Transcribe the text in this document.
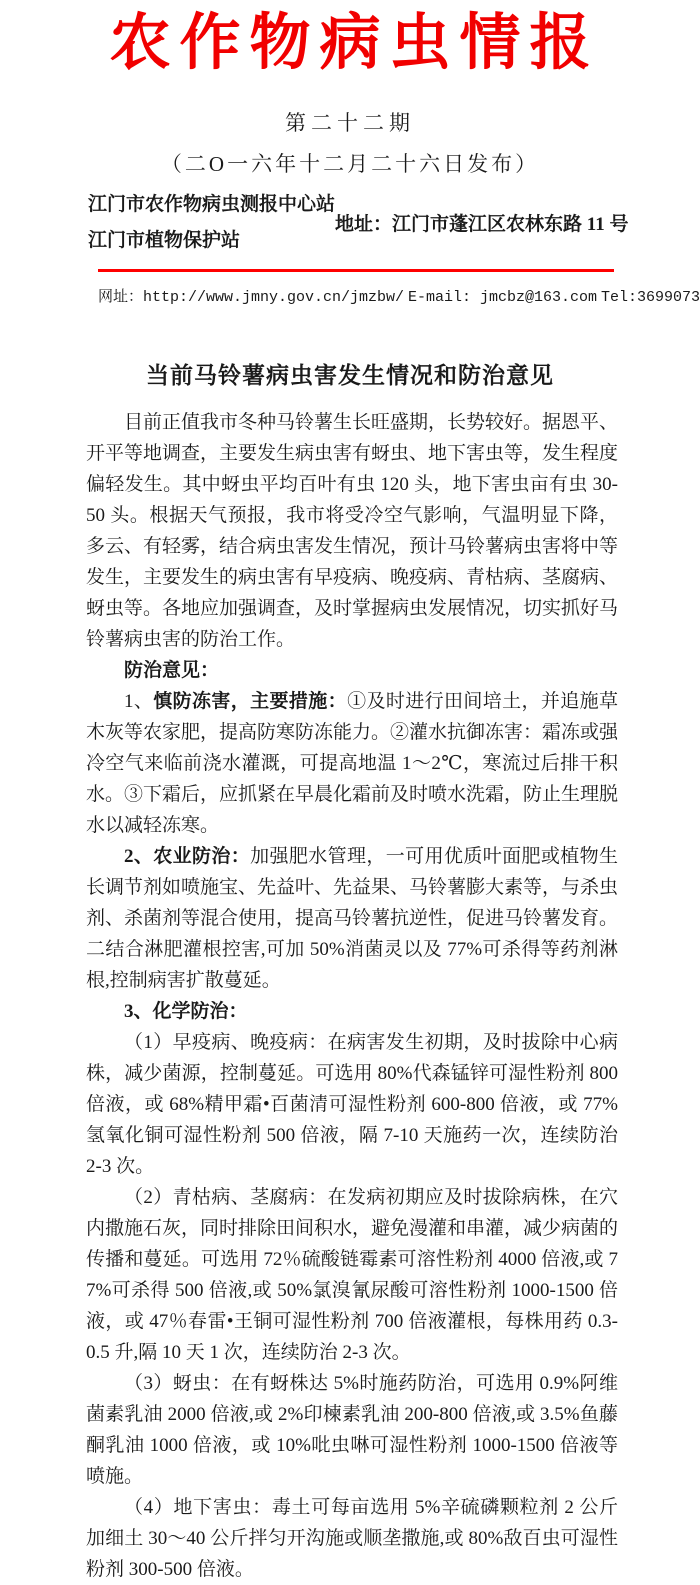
农作物病虫情报
第二十二期
（二O一六年十二月二十六日发布）
江门市农作物病虫测报中心站
江门市植物保护站
地址：江门市蓬江区农林东路 11 号
网址：http://www.jmny.gov.cn/jmzbw/ E-mail: jmcbz@163.com Tel:3699073
当前马铃薯病虫害发生情况和防治意见

目前正值我市冬种马铃薯生长旺盛期，长势较好。据恩平、开平等地调查，主要发生病虫害有蚜虫、地下害虫等，发生程度偏轻发生。其中蚜虫平均百叶有虫 120 头，地下害虫亩有虫 30-50 头。根据天气预报，我市将受冷空气影响，气温明显下降，多云、有轻雾，结合病虫害发生情况，预计马铃薯病虫害将中等发生，主要发生的病虫害有早疫病、晚疫病、青枯病、茎腐病、蚜虫等。各地应加强调查，及时掌握病虫发展情况，切实抓好马铃薯病虫害的防治工作。

防治意见：

1、慎防冻害，主要措施：①及时进行田间培土，并追施草木灰等农家肥，提高防寒防冻能力。②灌水抗御冻害：霜冻或强冷空气来临前浇水灌溉，可提高地温 1～2℃，寒流过后排干积水。③下霜后，应抓紧在早晨化霜前及时喷水洗霜，防止生理脱水以减轻冻寒。

2、农业防治：加强肥水管理，一可用优质叶面肥或植物生长调节剂如喷施宝、先益叶、先益果、马铃薯膨大素等，与杀虫剂、杀菌剂等混合使用，提高马铃薯抗逆性，促进马铃薯发育。二结合淋肥灌根控害,可加 50%消菌灵以及 77%可杀得等药剂淋根,控制病害扩散蔓延。

3、化学防治：

（1）早疫病、晚疫病：在病害发生初期，及时拔除中心病株，减少菌源，控制蔓延。可选用 80%代森锰锌可湿性粉剂 800 倍液，或 68%精甲霜•百菌清可湿性粉剂 600-800 倍液，或 77%氢氧化铜可湿性粉剂 500 倍液，隔 7-10 天施药一次，连续防治 2-3 次。

（2）青枯病、茎腐病：在发病初期应及时拔除病株，在穴内撒施石灰，同时排除田间积水，避免漫灌和串灌，减少病菌的传播和蔓延。可选用 72％硫酸链霉素可溶性粉剂 4000 倍液,或 77%可杀得 500 倍液,或 50%氯溴氰尿酸可溶性粉剂 1000-1500 倍液，或 47％春雷•王铜可湿性粉剂 700 倍液灌根，每株用药 0.3-0.5 升,隔 10 天 1 次，连续防治 2-3 次。

（3）蚜虫：在有蚜株达 5%时施药防治，可选用 0.9%阿维菌素乳油 2000 倍液,或 2%印楝素乳油 200-800 倍液,或 3.5%鱼藤酮乳油 1000 倍液，或 10%吡虫啉可湿性粉剂 1000-1500 倍液等喷施。

（4）地下害虫：毒土可每亩选用 5%辛硫磷颗粒剂 2 公斤加细土 30～40 公斤拌匀开沟施或顺垄撒施,或 80%敌百虫可湿性粉剂 300-500 倍液。
